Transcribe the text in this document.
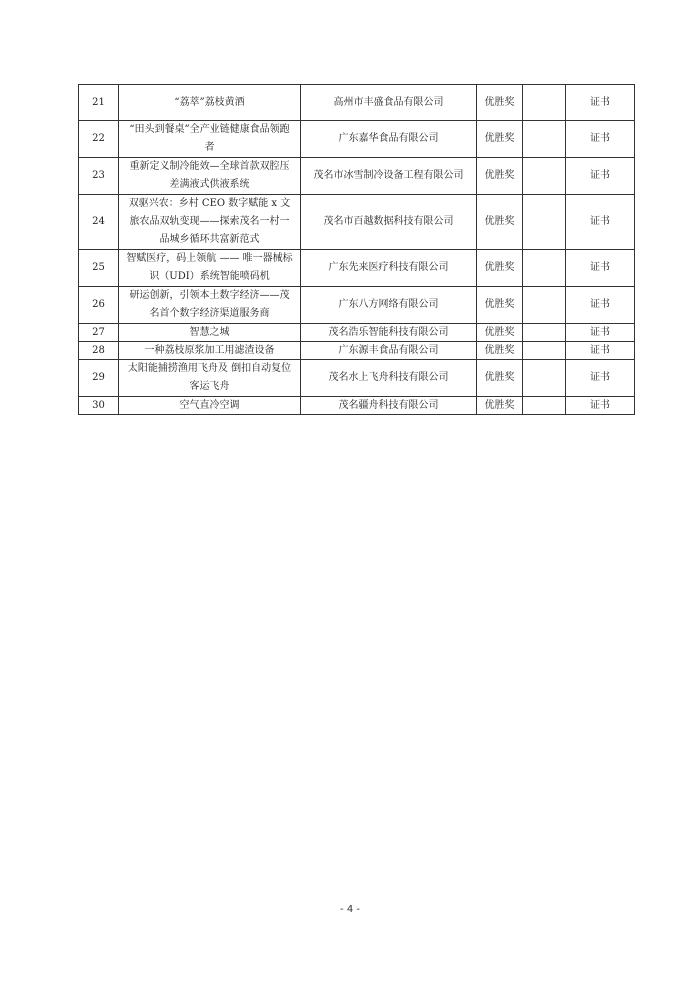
21	“荔萃”荔枝黄酒	高州市丰盛食品有限公司	优胜奖		证书
22	“田头到餐桌”全产业链健康食品领跑者	广东嘉华食品有限公司	优胜奖		证书
23	重新定义制冷能效—全球首款双腔压差满液式供液系统	茂名市冰雪制冷设备工程有限公司	优胜奖		证书
24	双驱兴农：乡村 CEO 数字赋能 x 文旅农品双轨变现——探索茂名一村一品城乡循环共富新范式	茂名市百越数据科技有限公司	优胜奖		证书
25	智赋医疗，码上领航 —— 唯一器械标识（UDI）系统智能喷码机	广东先来医疗科技有限公司	优胜奖		证书
26	研运创新，引领本土数字经济——茂名首个数字经济渠道服务商	广东八方网络有限公司	优胜奖		证书
27	智慧之城	茂名浩乐智能科技有限公司	优胜奖		证书
28	一种荔枝原浆加工用滤渣设备	广东源丰食品有限公司	优胜奖		证书
29	太阳能捕捞渔用飞舟及 倒扣自动复位客运飞舟	茂名水上飞舟科技有限公司	优胜奖		证书
30	空气直冷空调	茂名疆舟科技有限公司	优胜奖		证书
- 4 -
